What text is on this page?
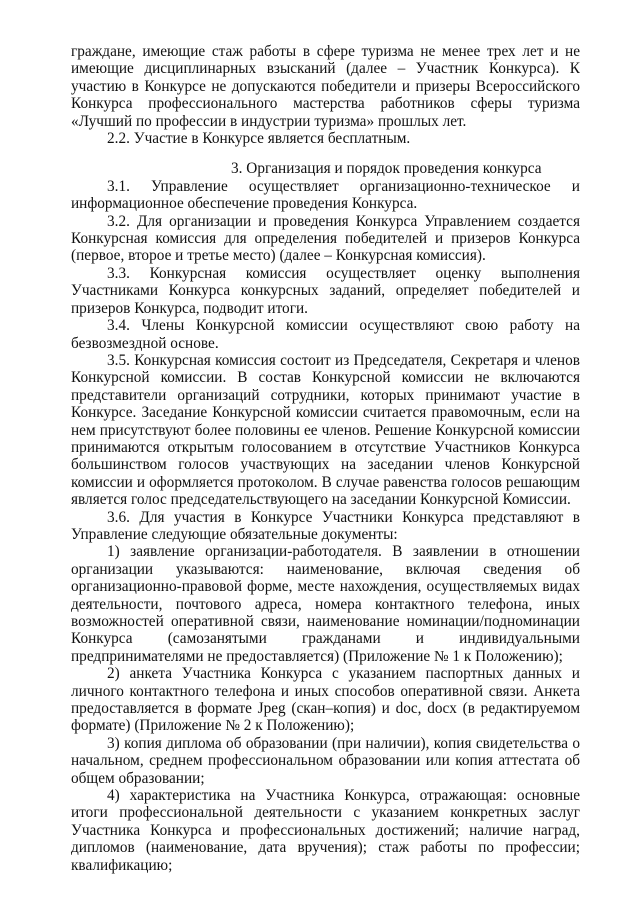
граждане, имеющие стаж работы в сфере туризма не менее трех лет и не имеющие дисциплинарных взысканий (далее – Участник Конкурса). К участию в Конкурсе не допускаются победители и призеры Всероссийского Конкурса профессионального мастерства работников сферы туризма «Лучший по профессии в индустрии туризма» прошлых лет.

2.2. Участие в Конкурсе является бесплатным.

3. Организация и порядок проведения конкурса

3.1. Управление осуществляет организационно-техническое и информационное обеспечение проведения Конкурса.

3.2. Для организации и проведения Конкурса Управлением создается Конкурсная комиссия для определения победителей и призеров Конкурса (первое, второе и третье место) (далее – Конкурсная комиссия).

3.3. Конкурсная комиссия осуществляет оценку выполнения Участниками Конкурса конкурсных заданий, определяет победителей и призеров Конкурса, подводит итоги.

3.4. Члены Конкурсной комиссии осуществляют свою работу на безвозмездной основе.

3.5. Конкурсная комиссия состоит из Председателя, Секретаря и членов Конкурсной комиссии. В состав Конкурсной комиссии не включаются представители организаций сотрудники, которых принимают участие в Конкурсе. Заседание Конкурсной комиссии считается правомочным, если на нем присутствуют более половины ее членов. Решение Конкурсной комиссии принимаются открытым голосованием в отсутствие Участников Конкурса большинством голосов участвующих на заседании членов Конкурсной комиссии и оформляется протоколом. В случае равенства голосов решающим является голос председательствующего на заседании Конкурсной Комиссии.

3.6. Для участия в Конкурсе Участники Конкурса представляют в Управление следующие обязательные документы:

1) заявление организации-работодателя. В заявлении в отношении организации указываются: наименование, включая сведения об организационно-правовой форме, месте нахождения, осуществляемых видах деятельности, почтового адреса, номера контактного телефона, иных возможностей оперативной связи, наименование номинации/подноминации Конкурса (самозанятыми гражданами и индивидуальными предпринимателями не предоставляется) (Приложение № 1 к Положению);

2) анкета Участника Конкурса с указанием паспортных данных и личного контактного телефона и иных способов оперативной связи. Анкета предоставляется в формате Jpeg (скан–копия) и doc, docx (в редактируемом формате) (Приложение № 2 к Положению);

3) копия диплома об образовании (при наличии), копия свидетельства о начальном, среднем профессиональном образовании или копия аттестата об общем образовании;

4) характеристика на Участника Конкурса, отражающая: основные итоги профессиональной деятельности с указанием конкретных заслуг Участника Конкурса и профессиональных достижений; наличие наград, дипломов (наименование, дата вручения); стаж работы по профессии; квалификацию;
